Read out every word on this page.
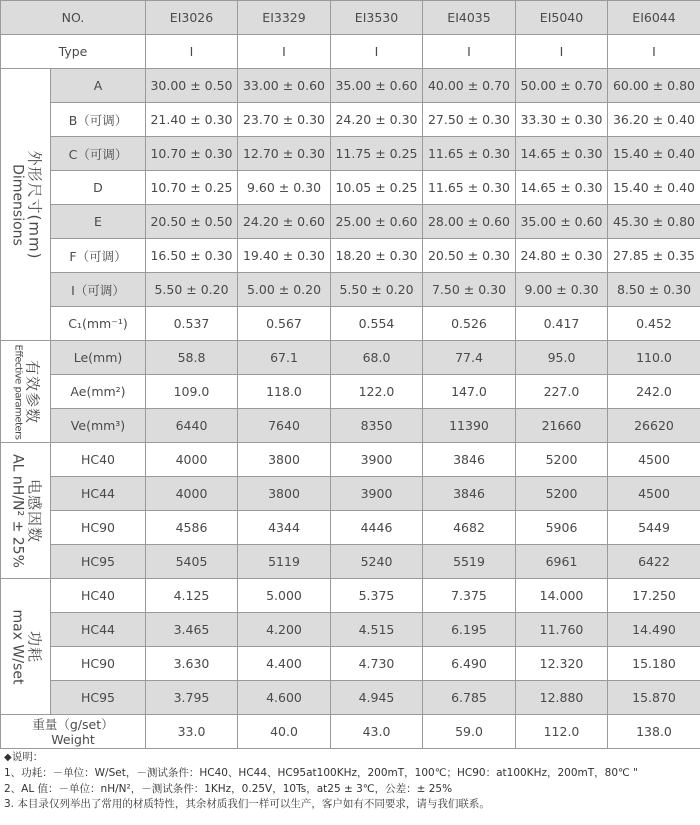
NO.		EI3026	EI3329	EI3530	EI4035	EI5040	EI6044
Type		I	I	I	I	I	I

外形尺寸(mm)
Dimensions	A	30.00 ± 0.50	33.00 ± 0.60	35.00 ± 0.60	40.00 ± 0.70	50.00 ± 0.70	60.00 ± 0.80
	B（可调）	21.40 ± 0.30	23.70 ± 0.30	24.20 ± 0.30	27.50 ± 0.30	33.30 ± 0.30	36.20 ± 0.40
	C（可调）	10.70 ± 0.30	12.70 ± 0.30	11.75 ± 0.25	11.65 ± 0.30	14.65 ± 0.30	15.40 ± 0.40
	D	10.70 ± 0.25	9.60 ± 0.30	10.05 ± 0.25	11.65 ± 0.30	14.65 ± 0.30	15.40 ± 0.40
	E	20.50 ± 0.50	24.20 ± 0.60	25.00 ± 0.60	28.00 ± 0.60	35.00 ± 0.60	45.30 ± 0.80
	F（可调）	16.50 ± 0.30	19.40 ± 0.30	18.20 ± 0.30	20.50 ± 0.30	24.80 ± 0.30	27.85 ± 0.35
	I（可调）	5.50 ± 0.20	5.00 ± 0.20	5.50 ± 0.20	7.50 ± 0.30	9.00 ± 0.30	8.50 ± 0.30
	C₁(mm⁻¹)	0.537	0.567	0.554	0.526	0.417	0.452

有效参数
Effective parameters	Le(mm)	58.8	67.1	68.0	77.4	95.0	110.0
	Ae(mm²)	109.0	118.0	122.0	147.0	227.0	242.0
	Ve(mm³)	6440	7640	8350	11390	21660	26620

电感因数
AL nH/N² ± 25%	HC40	4000	3800	3900	3846	5200	4500
	HC44	4000	3800	3900	3846	5200	4500
	HC90	4586	4344	4446	4682	5906	5449
	HC95	5405	5119	5240	5519	6961	6422

功耗
max W/set	HC40	4.125	5.000	5.375	7.375	14.000	17.250
	HC44	3.465	4.200	4.515	6.195	11.760	14.490
	HC90	3.630	4.400	4.730	6.490	12.320	15.180
	HC95	3.795	4.600	4.945	6.785	12.880	15.870

重量（g/set）
Weight		33.0	40.0	43.0	59.0	112.0	138.0
◆说明：
1、功耗：－单位：W/Set，－测试条件：HC40、HC44、HC95at100KHz，200mT，100℃；HC90：at100KHz，200mT，80℃ "
2、AL 值：－单位：nH/N²，－测试条件：1KHz，0.25V，10Ts，at25 ± 3℃，公差：± 25%
3. 本目录仅列举出了常用的材质特性，其余材质我们一样可以生产，客户如有不同要求，请与我们联系。
